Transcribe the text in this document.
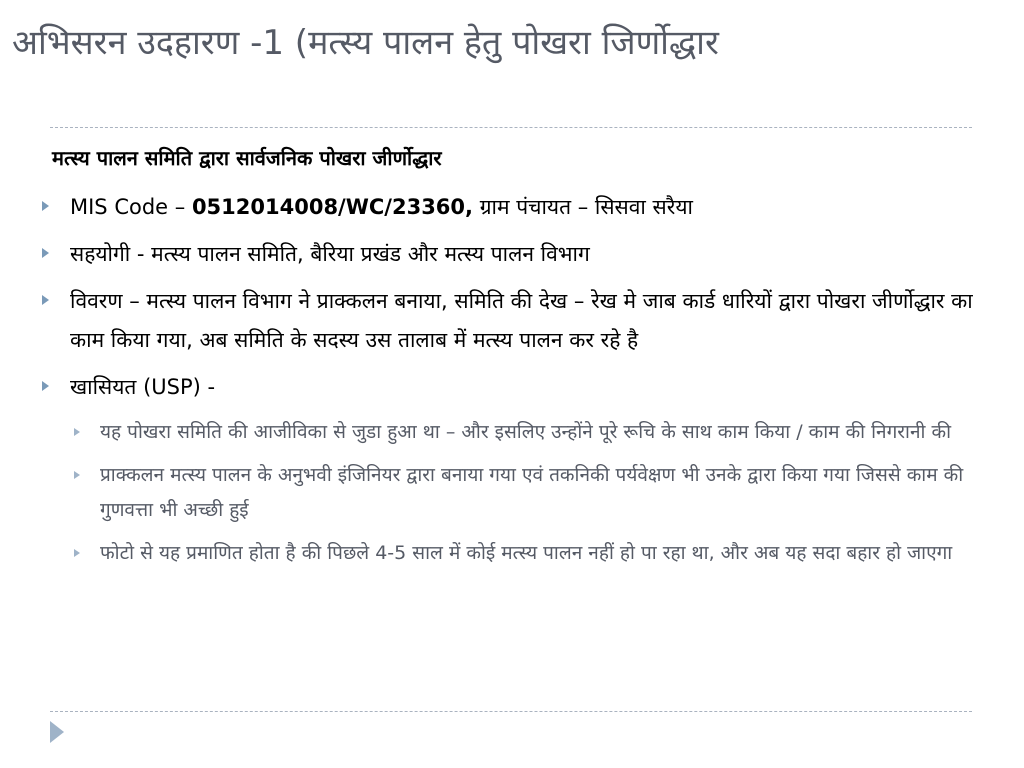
अभिसरन उदहारण -1 (मत्स्य पालन हेतु पोखरा जिर्णोद्धार
मत्स्य पालन समिति द्वारा सार्वजनिक पोखरा जीर्णोद्धार
MIS Code – 0512014008/WC/23360, ग्राम पंचायत – सिसवा सरैया
सहयोगी - मत्स्य पालन समिति, बैरिया प्रखंड और मत्स्य पालन विभाग
विवरण – मत्स्य पालन विभाग ने प्राक्कलन बनाया, समिति की देख – रेख मे जाब कार्ड धारियों द्वारा पोखरा जीर्णोद्धार का काम किया गया, अब समिति के सदस्य उस तालाब में मत्स्य पालन कर रहे है
खासियत (USP) -
यह पोखरा समिति की आजीविका से जुडा हुआ था – और इसलिए उन्होंने पूरे रूचि के साथ काम किया / काम की निगरानी की
प्राक्कलन मत्स्य पालन के अनुभवी इंजिनियर द्वारा बनाया गया एवं तकनिकी पर्यवेक्षण भी उनके द्वारा किया गया जिससे काम की गुणवत्ता भी अच्छी हुई
फोटो से यह प्रमाणित होता है की पिछले 4-5 साल में कोई मत्स्य पालन नहीं हो पा रहा था, और अब यह सदा बहार हो जाएगा
